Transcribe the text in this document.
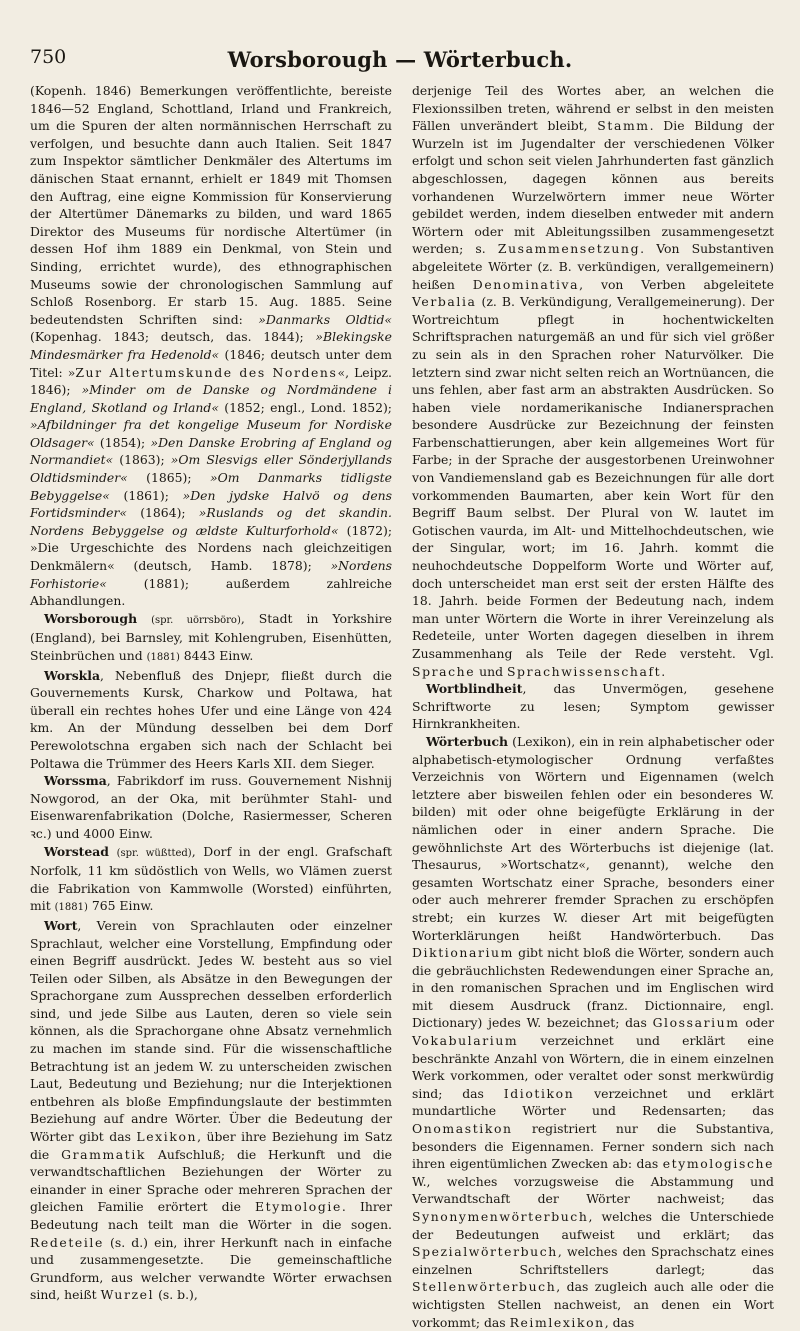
750	Worsborough — Wörterbuch.

(Kopenh. 1846) Bemerkungen veröffentlichte, bereiste 1846—52 England, Schottland, Irland und Frankreich, um die Spuren der alten normännischen Herrschaft zu verfolgen, und besuchte dann auch Italien. Seit 1847 zum Inspektor sämtlicher Denkmäler des Altertums im dänischen Staat ernannt, erhielt er 1849 mit Thomsen den Auftrag, eine eigne Kommission für Konservierung der Altertümer Dänemarks zu bilden, und ward 1865 Direktor des Museums für nordische Altertümer (in dessen Hof ihm 1889 ein Denkmal, von Stein und Sinding, errichtet wurde), des ethnographischen Museums sowie der chronologischen Sammlung auf Schloß Rosenborg. Er starb 15. Aug. 1885. Seine bedeutendsten Schriften sind: »Danmarks Oldtid« (Kopenhag. 1843; deutsch, das. 1844); »Blekingske Mindesmärker fra Hedenold« (1846; deutsch unter dem Titel: »Zur Altertumskunde des Nordens«, Leipz. 1846); »Minder om de Danske og Nordmändene i England, Skotland og Irland« (1852; engl., Lond. 1852); »Afbildninger fra det kongelige Museum for Nordiske Oldsager« (1854); »Den Danske Erobring af England og Normandiet« (1863); »Om Slesvigs eller Sönderjyllands Oldtidsminder« (1865); »Om Danmarks tidligste Bebyggelse« (1861); »Den jydske Halvö og dens Fortidsminder« (1864); »Ruslands og det skandin. Nordens Bebyggelse og ældste Kulturforhold« (1872); »Die Urgeschichte des Nordens nach gleichzeitigen Denkmälern« (deutsch, Hamb. 1878); »Nordens Forhistorie« (1881); außerdem zahlreiche Abhandlungen.

Worsborough (spr. uörrsböro), Stadt in Yorkshire (England), bei Barnsley, mit Kohlengruben, Eisenhütten, Steinbrüchen und (1881) 8443 Einw.

Worskla, Nebenfluß des Dnjepr, fließt durch die Gouvernements Kursk, Charkow und Poltawa, hat überall ein rechtes hohes Ufer und eine Länge von 424 km. An der Mündung desselben bei dem Dorf Perewolotschna ergaben sich nach der Schlacht bei Poltawa die Trümmer des Heers Karls XII. dem Sieger.

Worssma, Fabrikdorf im russ. Gouvernement Nishnij Nowgorod, an der Oka, mit berühmter Stahl- und Eisenwarenfabrikation (Dolche, Rasiermesser, Scheren ꝛc.) und 4000 Einw.

Worstead (spr. wüßtted), Dorf in der engl. Grafschaft Norfolk, 11 km südöstlich von Wells, wo Vlämen zuerst die Fabrikation von Kammwolle (Worsted) einführten, mit (1881) 765 Einw.

Wort, Verein von Sprachlauten oder einzelner Sprachlaut, welcher eine Vorstellung, Empfindung oder einen Begriff ausdrückt. Jedes W. besteht aus so viel Teilen oder Silben, als Absätze in den Bewegungen der Sprachorgane zum Aussprechen desselben erforderlich sind, und jede Silbe aus Lauten, deren so viele sein können, als die Sprachorgane ohne Absatz vernehmlich zu machen im stande sind. Für die wissenschaftliche Betrachtung ist an jedem W. zu unterscheiden zwischen Laut, Bedeutung und Beziehung; nur die Interjektionen entbehren als bloße Empfindungslaute der bestimmten Beziehung auf andre Wörter. Über die Bedeutung der Wörter gibt das Lexikon, über ihre Beziehung im Satz die Grammatik Aufschluß; die Herkunft und die verwandtschaftlichen Beziehungen der Wörter zu einander in einer Sprache oder mehreren Sprachen der gleichen Familie erörtert die Etymologie. Ihrer Bedeutung nach teilt man die Wörter in die sogen. Redeteile (s. d.) ein, ihrer Herkunft nach in einfache und zusammengesetzte. Die gemeinschaftliche Grundform, aus welcher verwandte Wörter erwachsen sind, heißt Wurzel (s. b.),

derjenige Teil des Wortes aber, an welchen die Flexionssilben treten, während er selbst in den meisten Fällen unverändert bleibt, Stamm. Die Bildung der Wurzeln ist im Jugendalter der verschiedenen Völker erfolgt und schon seit vielen Jahrhunderten fast gänzlich abgeschlossen, dagegen können aus bereits vorhandenen Wurzelwörtern immer neue Wörter gebildet werden, indem dieselben entweder mit andern Wörtern oder mit Ableitungssilben zusammengesetzt werden; s. Zusammensetzung. Von Substantiven abgeleitete Wörter (z. B. verkündigen, verallgemeinern) heißen Denominativa, von Verben abgeleitete Verbalia (z. B. Verkündigung, Verallgemeinerung). Der Wortreichtum pflegt in hochentwickelten Schriftsprachen naturgemäß an und für sich viel größer zu sein als in den Sprachen roher Naturvölker. Die letztern sind zwar nicht selten reich an Wortnüancen, die uns fehlen, aber fast arm an abstrakten Ausdrücken. So haben viele nordamerikanische Indianersprachen besondere Ausdrücke zur Bezeichnung der feinsten Farbenschattierungen, aber kein allgemeines Wort für Farbe; in der Sprache der ausgestorbenen Ureinwohner von Vandiemensland gab es Bezeichnungen für alle dort vorkommenden Baumarten, aber kein Wort für den Begriff Baum selbst. Der Plural von W. lautet im Gotischen vaurda, im Alt- und Mittelhochdeutschen, wie der Singular, wort; im 16. Jahrh. kommt die neuhochdeutsche Doppelform Worte und Wörter auf, doch unterscheidet man erst seit der ersten Hälfte des 18. Jahrh. beide Formen der Bedeutung nach, indem man unter Wörtern die Worte in ihrer Vereinzelung als Redeteile, unter Worten dagegen dieselben in ihrem Zusammenhang als Teile der Rede versteht. Vgl. Sprache und Sprachwissenschaft.

Wortblindheit, das Unvermögen, gesehene Schriftworte zu lesen; Symptom gewisser Hirnkrankheiten.

Wörterbuch (Lexikon), ein in rein alphabetischer oder alphabetisch-etymologischer Ordnung verfaßtes Verzeichnis von Wörtern und Eigennamen (welch letztere aber bisweilen fehlen oder ein besonderes W. bilden) mit oder ohne beigefügte Erklärung in der nämlichen oder in einer andern Sprache. Die gewöhnlichste Art des Wörterbuchs ist diejenige (lat. Thesaurus, »Wortschatz«, genannt), welche den gesamten Wortschatz einer Sprache, besonders einer oder auch mehrerer fremder Sprachen zu erschöpfen strebt; ein kurzes W. dieser Art mit beigefügten Worterklärungen heißt Handwörterbuch. Das Diktionarium gibt nicht bloß die Wörter, sondern auch die gebräuchlichsten Redewendungen einer Sprache an, in den romanischen Sprachen und im Englischen wird mit diesem Ausdruck (franz. Dictionnaire, engl. Dictionary) jedes W. bezeichnet; das Glossarium oder Vokabularium verzeichnet und erklärt eine beschränkte Anzahl von Wörtern, die in einem einzelnen Werk vorkommen, oder veraltet oder sonst merkwürdig sind; das Idiotikon verzeichnet und erklärt mundartliche Wörter und Redensarten; das Onomastikon registriert nur die Substantiva, besonders die Eigennamen. Ferner sondern sich nach ihren eigentümlichen Zwecken ab: das etymologische W., welches vorzugsweise die Abstammung und Verwandtschaft der Wörter nachweist; das Synonymenwörterbuch, welches die Unterschiede der Bedeutungen aufweist und erklärt; das Spezialwörterbuch, welches den Sprachschatz eines einzelnen Schriftstellers darlegt; das Stellenwörterbuch, das zugleich auch alle oder die wichtigsten Stellen nachweist, an denen ein Wort vorkommt; das Reimlexikon, das
